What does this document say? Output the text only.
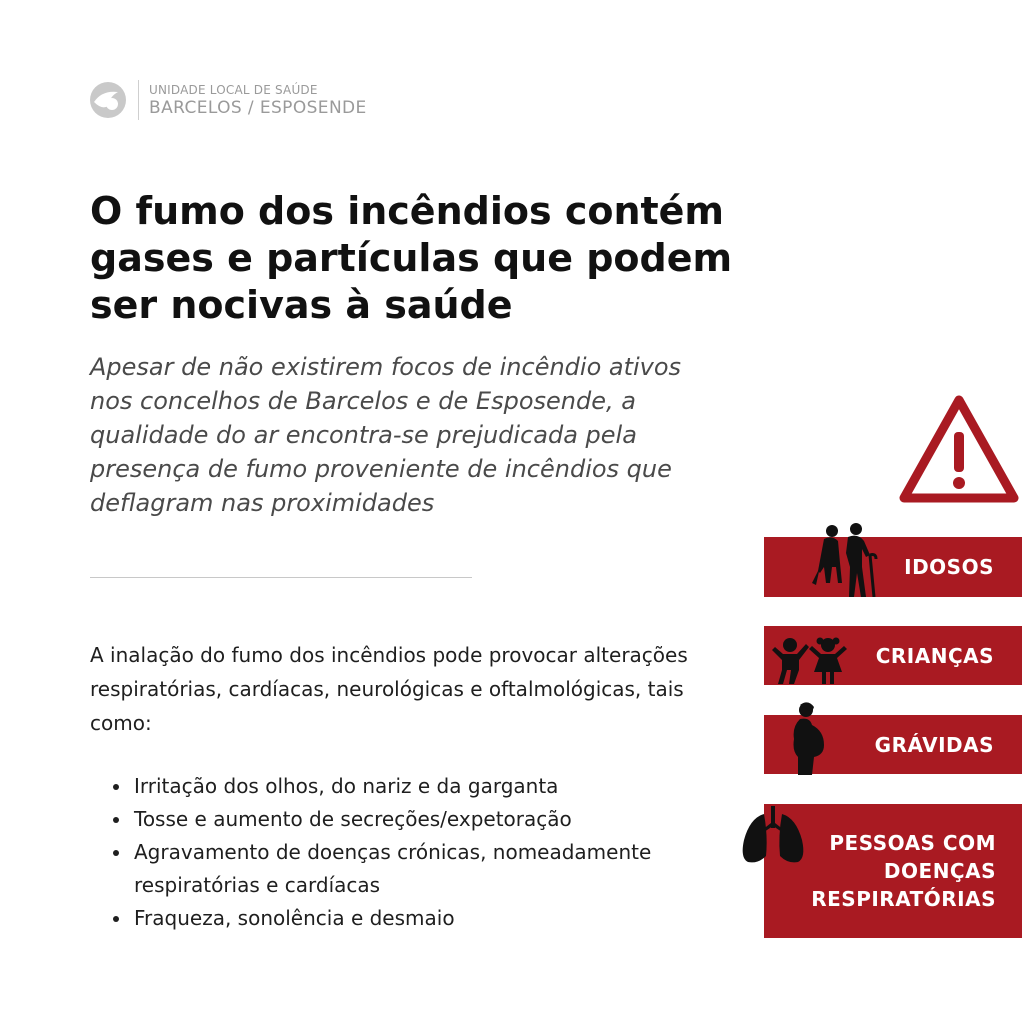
UNIDADE LOCAL DE SAÚDE
BARCELOS / ESPOSENDE
O fumo dos incêndios contém gases e partículas que podem ser nocivas à saúde

Apesar de não existirem focos de incêndio ativos nos concelhos de Barcelos e de Esposende, a qualidade do ar encontra-se prejudicada pela presença de fumo proveniente de incêndios que deflagram nas proximidades

A inalação do fumo dos incêndios pode provocar alterações respiratórias, cardíacas, neurológicas e oftalmológicas, tais como:

• Irritação dos olhos, do nariz e da garganta
• Tosse e aumento de secreções/expetoração
• Agravamento de doenças crónicas, nomeadamente respiratórias e cardíacas
• Fraqueza, sonolência e desmaio
IDOSOS
CRIANÇAS
GRÁVIDAS
PESSOAS COM DOENÇAS RESPIRATÓRIAS
